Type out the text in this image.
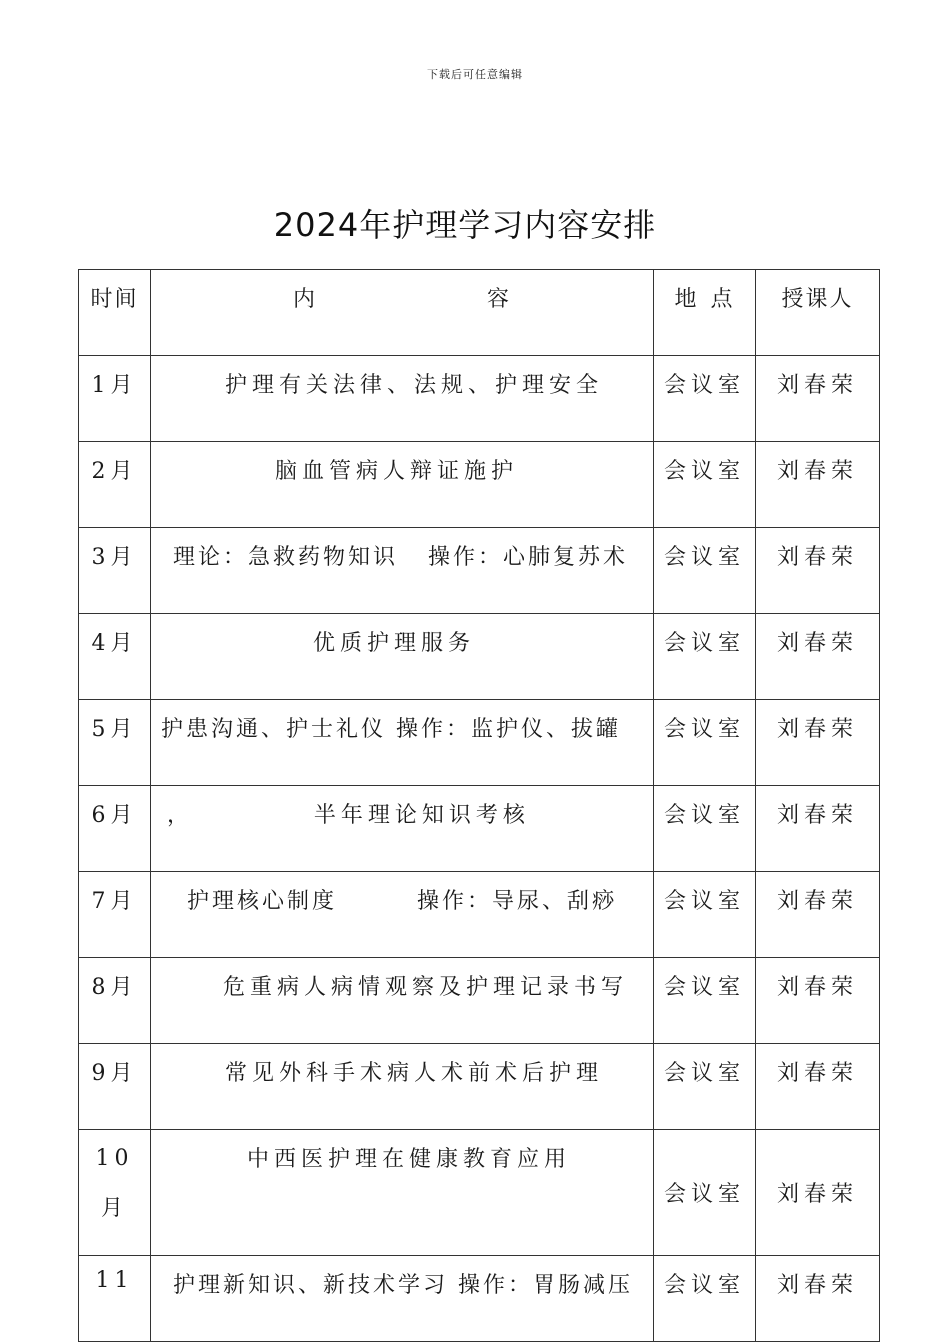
下载后可任意编辑
2024年护理学习内容安排
时间	内 容	地 点	授课人
1月	护理有关法律、法规、护理安全	会议室	刘春荣
2月	脑血管病人辩证施护	会议室	刘春荣
3月	理论：急救药物知识   操作：心肺复苏术	会议室	刘春荣
4月	优质护理服务	会议室	刘春荣
5月	护患沟通、护士礼仪 操作：监护仪、拔罐	会议室	刘春荣
6月	，          半年理论知识考核	会议室	刘春荣
7月	护理核心制度        操作：导尿、刮痧	会议室	刘春荣
8月	危重病人病情观察及护理记录书写	会议室	刘春荣
9月	常见外科手术病人术前术后护理	会议室	刘春荣

10
月	中西医护理在健康教育应用	会议室	刘春荣
11	护理新知识、新技术学习 操作：胃肠减压	会议室	刘春荣
